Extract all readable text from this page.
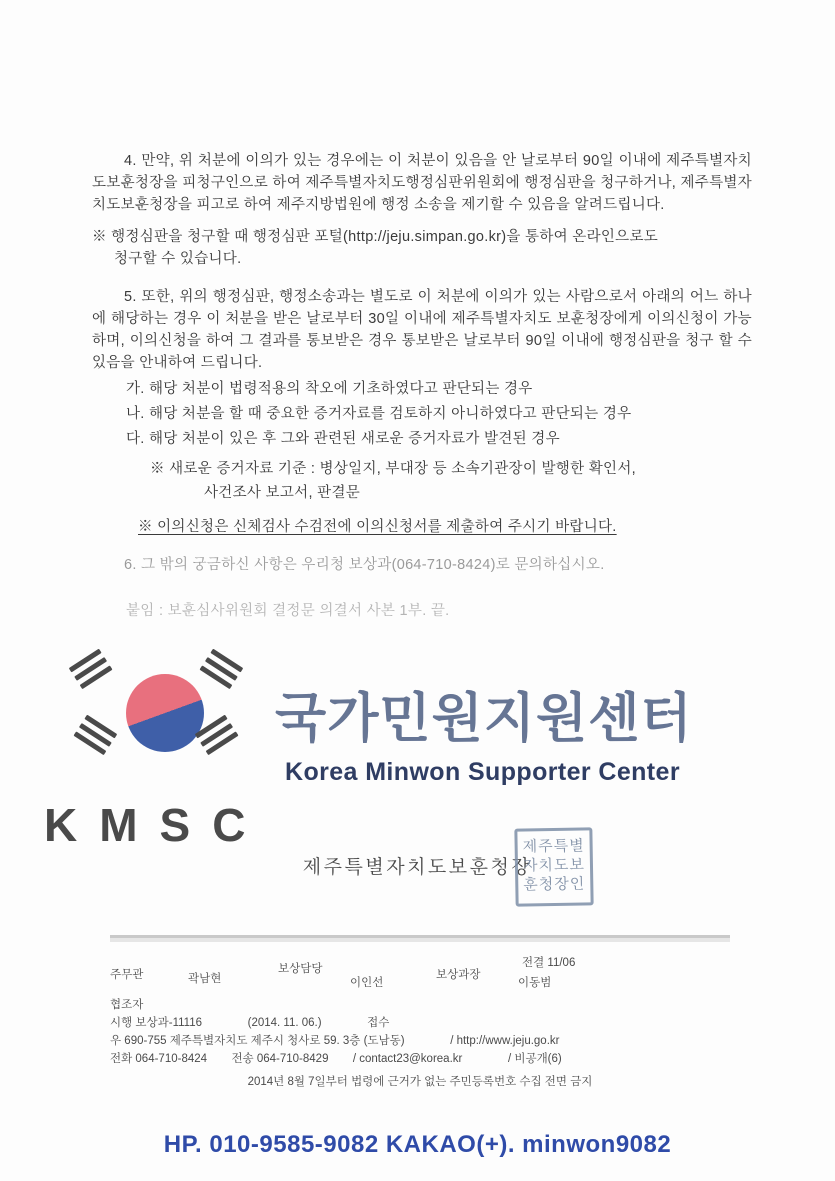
4. 만약, 위 처분에 이의가 있는 경우에는 이 처분이 있음을 안 날로부터 90일 이내에 제주특별자치도보훈청장을 피청구인으로 하여 제주특별자치도행정심판위원회에 행정심판을 청구하거나, 제주특별자치도보훈청장을 피고로 하여 제주지방법원에 행정 소송을 제기할 수 있음을 알려드립니다.

※ 행정심판을 청구할 때 행정심판 포털(http://jeju.simpan.go.kr)을 통하여 온라인으로도

청구할 수 있습니다.

5. 또한, 위의 행정심판, 행정소송과는 별도로 이 처분에 이의가 있는 사람으로서 아래의 어느 하나에 해당하는 경우 이 처분을 받은 날로부터 30일 이내에 제주특별자치도 보훈청장에게 이의신청이 가능하며, 이의신청을 하여 그 결과를 통보받은 경우 통보받은 날로부터 90일 이내에 행정심판을 청구 할 수 있음을 안내하여 드립니다.

가. 해당 처분이 법령적용의 착오에 기초하였다고 판단되는 경우

나. 해당 처분을 할 때 중요한 증거자료를 검토하지 아니하였다고 판단되는 경우

다. 해당 처분이 있은 후 그와 관련된 새로운 증거자료가 발견된 경우

※ 새로운 증거자료 기준 : 병상일지, 부대장 등 소속기관장이 발행한 확인서,

사건조사 보고서, 판결문

※ 이의신청은 신체검사 수검전에 이의신청서를 제출하여 주시기 바랍니다.

6. 그 밖의 궁금하신 사항은 우리청 보상과(064-710-8424)로 문의하십시오.

붙임 : 보훈심사위원회 결정문 의결서 사본 1부. 끝.

제주특별자치도보훈청장
제주특별자치도보훈청장인
주무관	곽남현
보상담당
이인선
보상과장
전결 11/06
이동범
협조자
시행 보상과-11116	(2014. 11. 06.)	접수
우 690-755 제주특별자치도 제주시 청사로 59. 3층 (도남동)	/ http://www.jeju.go.kr
전화 064-710-8424 전송 064-710-8429 / contact23@korea.kr	/ 비공개(6)
2014년 8월 7일부터 법령에 근거가 없는 주민등록번호 수집 전면 금지
국가민원지원센터
Korea Minwon Supporter Center
KMSC
HP. 010-9585-9082 KAKAO(+). minwon9082
